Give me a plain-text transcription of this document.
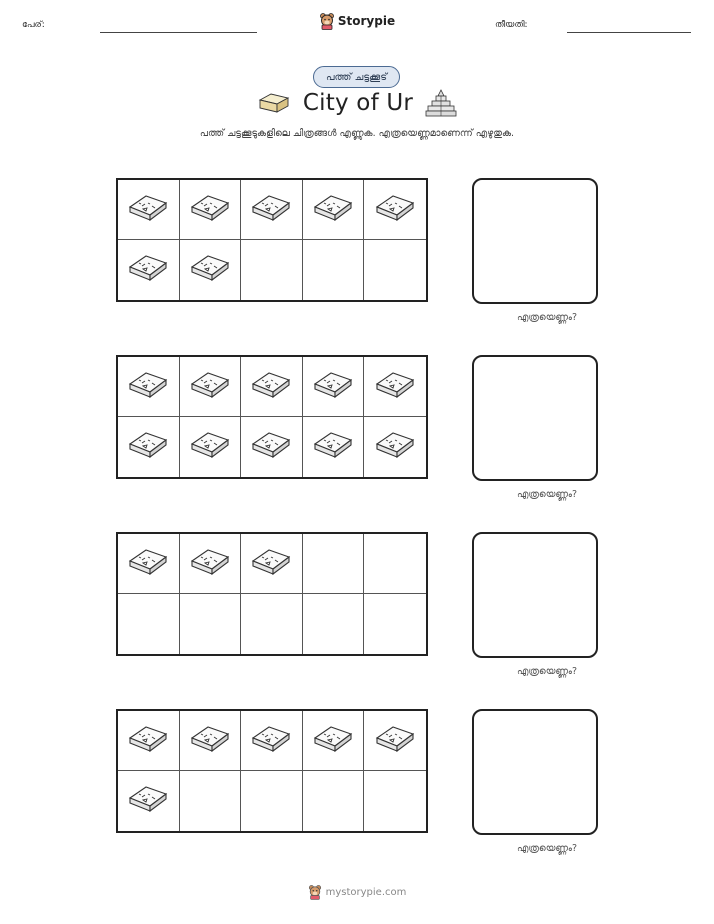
പേര്:	Storypie	തീയതി:
പത്ത് ചട്ടക്കൂട്
City of Ur
പത്ത് ചട്ടക്കൂടുകളിലെ ചിത്രങ്ങൾ എണ്ണുക. എത്രയെണ്ണമാണെന്ന് എഴുതുക.
എത്രയെണ്ണം?
എത്രയെണ്ണം?
എത്രയെണ്ണം?
എത്രയെണ്ണം?
mystorypie.com
